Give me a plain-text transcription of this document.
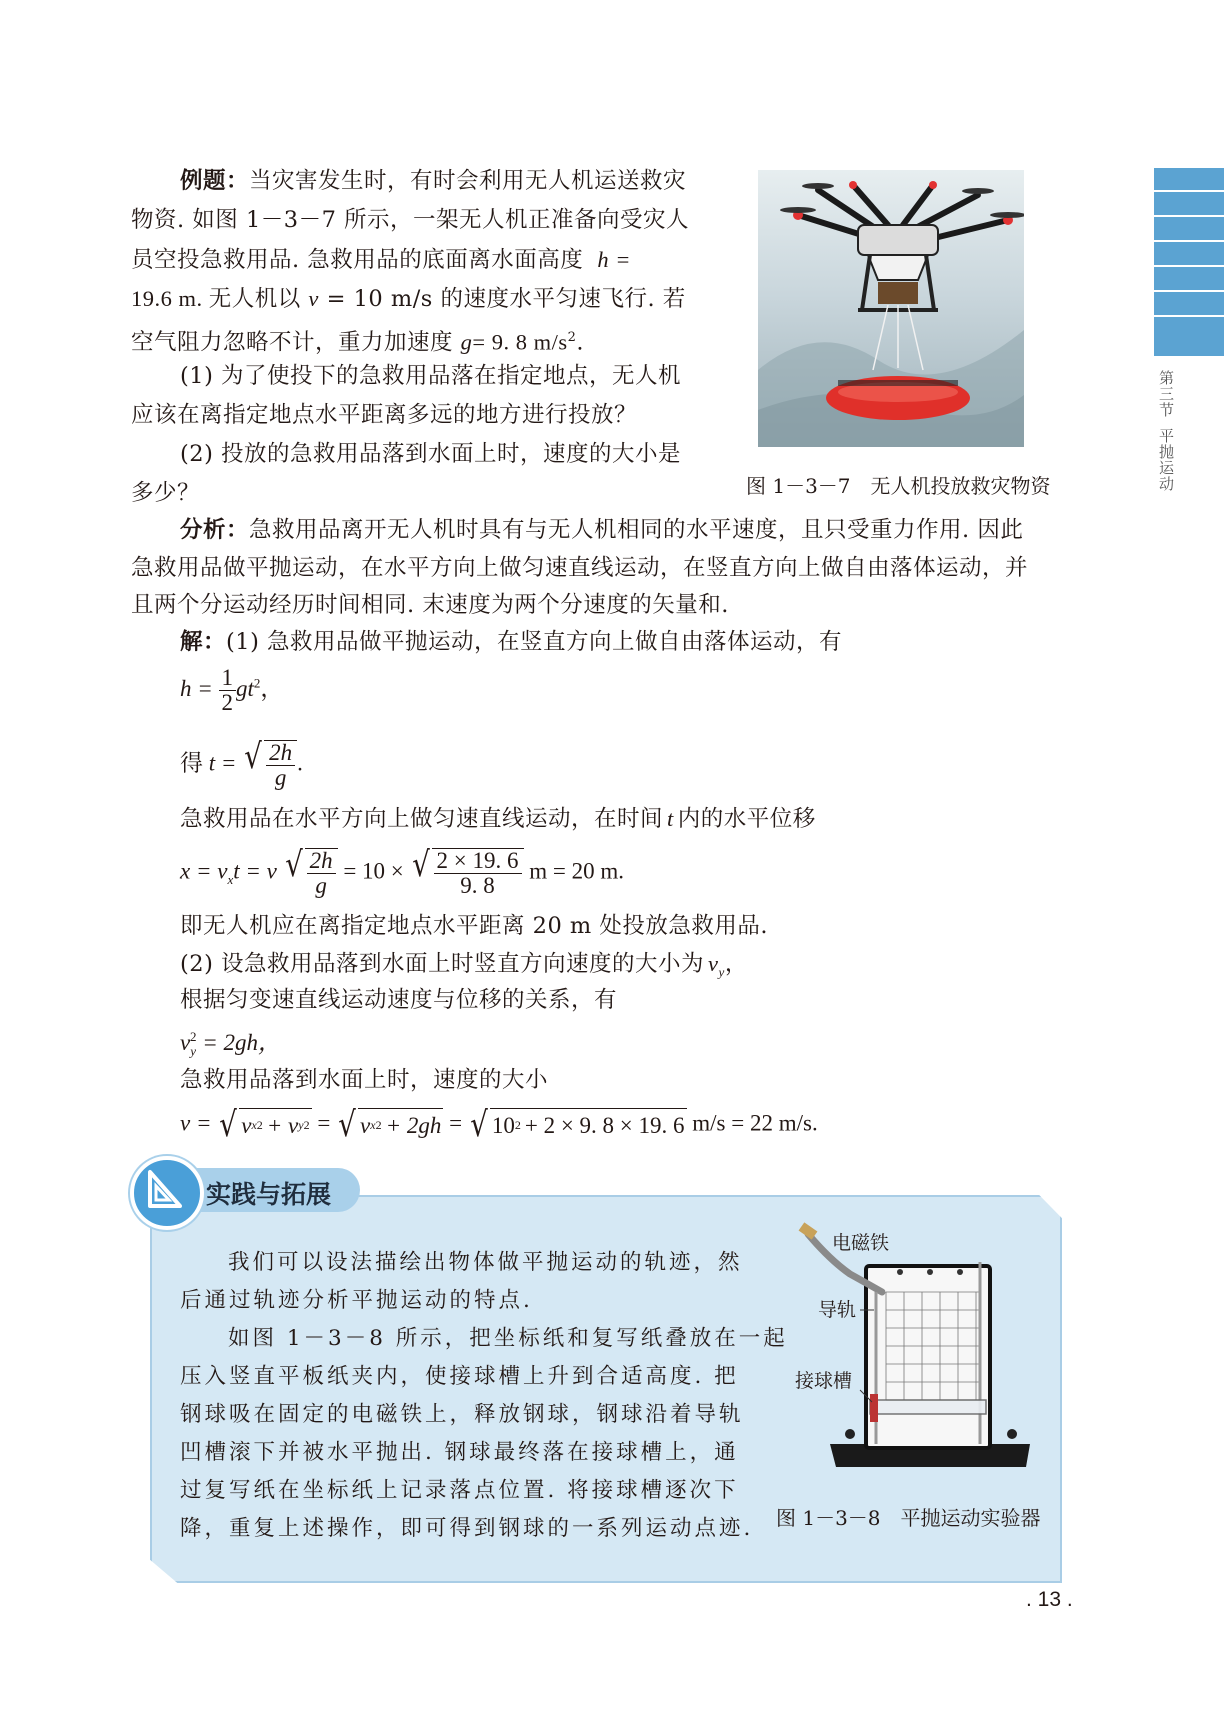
第三节
平抛运动
例题：当灾害发生时，有时会利用无人机运送救灾
物资. 如图 1－3－7 所示，一架无人机正准备向受灾人
员空投急救用品. 急救用品的底面离水面高度 h =
19.6 m. 无人机以 v = 10 m/s 的速度水平匀速飞行. 若
空气阻力忽略不计，重力加速度 g= 9. 8 $m/s^2$.
(1) 为了使投下的急救用品落在指定地点，无人机
应该在离指定地点水平距离多远的地方进行投放？
(2) 投放的急救用品落到水面上时，速度的大小是
多少？	图 1－3－7　无人机投放救灾物资
分析：急救用品离开无人机时具有与无人机相同的水平速度，且只受重力作用. 因此
急救用品做平抛运动，在水平方向上做匀速直线运动，在竖直方向上做自由落体运动，并
且两个分运动经历时间相同. 末速度为两个分速度的矢量和.
解：(1) 急救用品做平抛运动，在竖直方向上做自由落体运动，有
$h = \frac{1}{2} gt^2$，
得 t = √ $\frac{2h}{g}$ .
急救用品在水平方向上做匀速直线运动，在时间 t 内的水平位移
$x = v_xt = v$ √ $\frac{2h}{g} = 10$ × √ $\frac{2 \times 19. 6}{9. 8}$ m = 20 m.
即无人机应在离指定地点水平距离 20 m 处投放急救用品.
(2) 设急救用品落到水面上时竖直方向速度的大小为 $v_y$，
根据匀变速直线运动速度与位移的关系，有
$v_y^2 = 2gh$，
急救用品落到水面上时，速度的大小
v = √ v x 2 + v y 2 = √ v x 2 + 2gh = √ 10 2 + 2 × 9. 8 × 19. 6 m/s = 22 m/s.
实践与拓展
我们可以设法描绘出物体做平抛运动的轨迹，然
后通过轨迹分析平抛运动的特点.
如图 1－3－8 所示，把坐标纸和复写纸叠放在一起
压入竖直平板纸夹内，使接球槽上升到合适高度. 把
钢球吸在固定的电磁铁上，释放钢球，钢球沿着导轨
凹槽滚下并被水平抛出. 钢球最终落在接球槽上，通
过复写纸在坐标纸上记录落点位置. 将接球槽逐次下
降，重复上述操作，即可得到钢球的一系列运动点迹.
电磁铁
导轨
接球槽
图 1－3－8　平抛运动实验器
. 13 .
